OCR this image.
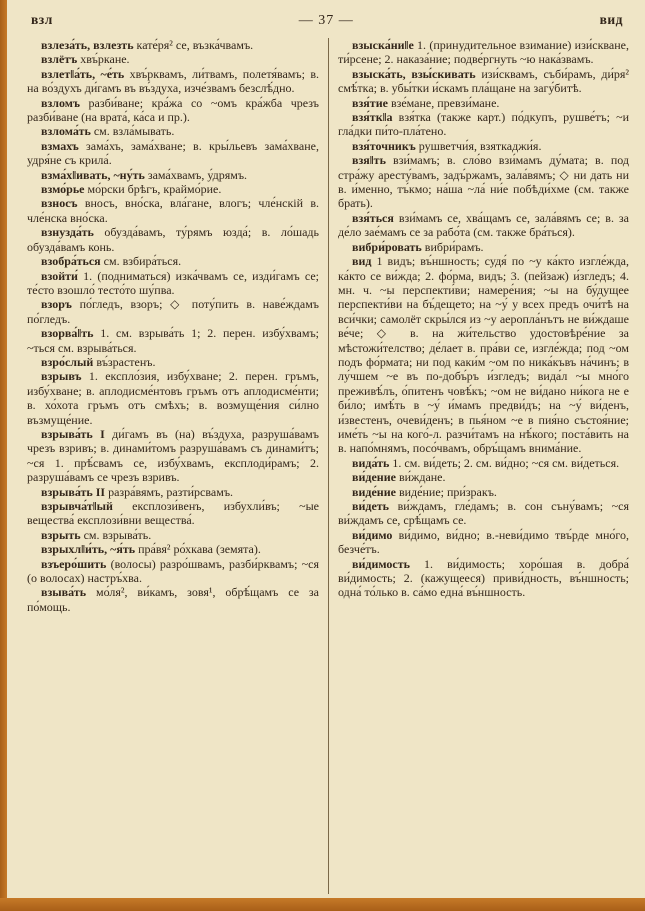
взл	— 37 —	вид

взлеза́ть, взлезть кате́ря² се, възка́чвамъ.

взлётъ хвъ́ркане.

взлет‖а́ть, ~е́ть хвъ́рквамъ, ли́твамъ, полетя́вамъ; в. на во́здухъ ди́гамъ въ въ́здуха, изче́звамъ безслѣ́дно.

взломъ разби́ване; кра́жа со ~омъ кра́жба чрезъ разби́ване (на врата́, ка́са и пр.).

взлома́ть см. взла́мывать.

взмахъ зама́хъ, зама́хване; в. кры́льевъ зама́хване, удря́не съ крила́.

взма́х‖ивать, ~ну́ть зама́хвамъ, у́дрямъ.

взмо́рье мо́рски брѣгъ, краймо́рие.

взносъ вносъ, вно́ска, вла́гане, влогъ; чле́нскій в. чле́нска вно́ска.

взнузда́ть обузда́вамъ, ту́рямъ юзда́; в. ло́шадь обузда́вамъ конь.

взобра́ться см. взбира́ться.

взойти́ 1. (подниматься) изка́чвамъ се, изди́гамъ се; те́сто взошло́ тесто́то шу́пва.

взоръ по́гледъ, взоръ; ◇ поту́пить в. наве́ждамъ по́гледъ.

взорва́‖ть 1. см. взрыва́ть 1; 2. перен. избу́хвамъ; ~ться см. взрыва́ться.

взро́слый въ́зрастенъ.

взрывъ 1. експло́зия, избу́хване; 2. перен. гръмъ, избу́хване; в. аплодисме́нтовъ гръмъ отъ аплодисме́нти; в. хо́хота гръмъ отъ смѣхъ; в. возмуще́ния си́лно възмуще́ние.

взрыва́ть I ди́гамъ въ (на) въ́здуха, разруша́вамъ чрезъ взривъ; в. динами́томъ разруша́вамъ съ динами́тъ; ~ся 1. прѣ́свамъ се, избу́хвамъ, експлоди́рамъ; 2. разруша́вамъ се чрезъ взривъ.

взрыва́ть II разра́вямъ, разти́рсвамъ.

взрывча́т‖ый експлози́венъ, избухли́въ; ~ые вещества́ експлози́вни вещества́.

взрыть см. взрыва́ть.

взрыхл‖и́ть, ~я́ть пра́вя² ро́хкава (земята).

взъеро́шить (волосы) разро́швамъ, разби́рквамъ; ~ся (о волосах) настръ́хва.

взыва́ть мо́ля², ви́камъ, зовя¹, обрѣ́щамъ се за по́мощь.

взыска́ни‖е 1. (принудительное взимание) изи́скване, ти́рсене; 2. наказа́ние; подве́ргнуть ~ю нака́звамъ.

взыска́ть, взы́скивать изи́сквамъ, съби́рамъ, ди́ря² смѣ́тка; в. убы́тки и́скамъ пла́щане на загу́битѣ.

взя́тие взе́мане, превзи́мане.

взя́тк‖а взя́тка (также карт.) по́дкупъ, рушве́тъ; ~и гла́дки пи́то-пла́тено.

взя́точникъ рушветчи́я, взяткаджи́я.

взя‖ть взи́мамъ; в. сло́во взи́мамъ ду́мата; в. под стра́жу аресту́вамъ, задъ́ржамъ, зала́вямъ; ◇ ни дать ни в. и́менно, тъ́кмо; на́ша ~ла́ ни́е побѣди́хме (см. также брать).

взя́ться взи́мамъ се, хва́щамъ се, зала́вямъ се; в. за де́ло зае́мамъ се за рабо́та (см. также бра́ться).

вибри́ровать вибри́рамъ.

вид 1 видъ; въ́ншность; судя́ по ~у ка́кто изгле́жда, ка́кто се ви́жда; 2. фо́рма, видъ; 3. (пейзаж) и́згледъ; 4. мн. ч. ~ы перспекти́ви; намере́ния; ~ы на бу́дущее перспекти́ви на бъ́дещето; на ~у́ у всех предъ очи́тѣ на вси́чки; самолёт скры́лся из ~у аеропла́нътъ не ви́ждаше ве́че; ◇ в. на жи́тельство удостовѣре́ние за мѣстожи́телство; де́лает в. пра́ви се, изгле́жда; под ~ом подъ фо́рмата; ни под каки́м ~ом по ника́къвъ на́чинъ; в лу́чшем ~е въ по-добъ́ръ и́згледъ; вида́л ~ы мно́го преживѣ́лъ, о́питенъ човѣ́къ; ~ом не ви́дано ни́кога не е би́ло; имѣ́ть в ~у́ и́мамъ предви́дъ; на ~у́ ви́денъ, и́звестенъ, очеви́денъ; в пья́ном ~е в пия́но състоя́ние; име́ть ~ы на кого́-л. разчи́тамъ на нѣ́кого; поста́вить на в. напо́мнямъ, посо́чвамъ, обръ́щамъ внима́ние.

вида́ть 1. см. ви́деть; 2. см. ви́дно; ~ся см. ви́деться.

ви́дение ви́ждане.

виде́ние виде́ние; при́зракъ.

ви́деть ви́ждамъ, гле́дамъ; в. сон съну́вамъ; ~ся ви́ждамъ се, срѣ́щамъ се.

ви́димо ви́димо, ви́дно; в.-неви́димо твъ́рде мно́го, безче́тъ.

ви́димость 1. ви́димость; хоро́шая в. добра́ ви́димость; 2. (кажущееся) приви́дность, въ́ншность; одна́ то́лько в. са́мо една́ въ́ншность.
